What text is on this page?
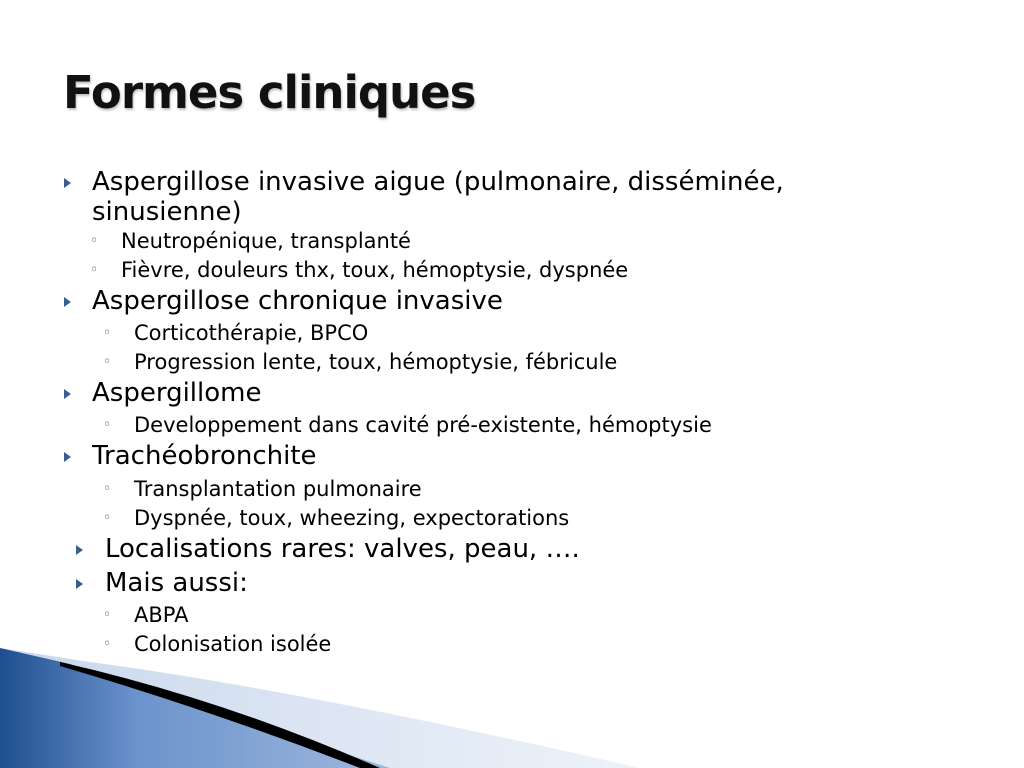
Formes cliniques
Aspergillose invasive aigue (pulmonaire, disséminée, sinusienne)
◦ Neutropénique, transplanté
◦ Fièvre, douleurs thx, toux, hémoptysie, dyspnée
Aspergillose chronique invasive
◦ Corticothérapie, BPCO
◦ Progression lente, toux, hémoptysie, fébricule
Aspergillome
◦ Developpement dans cavité pré-existente, hémoptysie
Trachéobronchite
◦ Transplantation pulmonaire
◦ Dyspnée, toux, wheezing, expectorations
Localisations rares: valves, peau, ….
Mais aussi:
◦ ABPA
◦ Colonisation isolée
